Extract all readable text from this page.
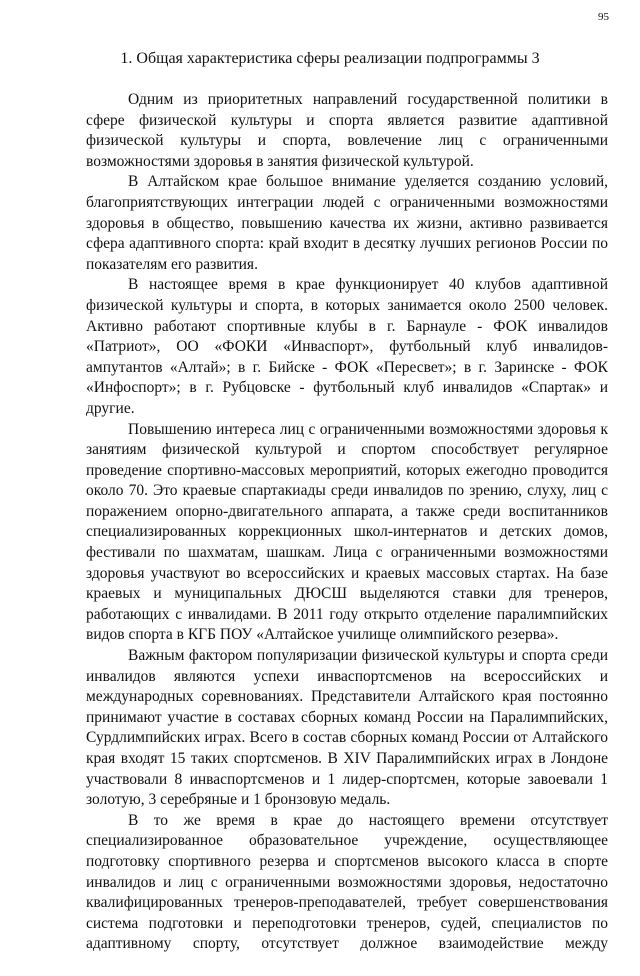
95
1. Общая характеристика сферы реализации подпрограммы 3

Одним из приоритетных направлений государственной политики в сфере физической культуры и спорта является развитие адаптивной физической культуры и спорта, вовлечение лиц с ограниченными возможностями здоровья в занятия физической культурой.

В Алтайском крае большое внимание уделяется созданию условий, благоприятствующих интеграции людей с ограниченными возможностями здоровья в общество, повышению качества их жизни, активно развивается сфера адаптивного спорта: край входит в десятку лучших регионов России по показателям его развития.

В настоящее время в крае функционирует 40 клубов адаптивной физической культуры и спорта, в которых занимается около 2500 человек. Активно работают спортивные клубы в г. Барнауле - ФОК инвалидов «Патриот», ОО «ФОКИ «Инваспорт», футбольный клуб инвалидов-ампутантов «Алтай»; в г. Бийске - ФОК «Пересвет»; в г. Заринске - ФОК «Инфоспорт»; в г. Рубцовске - футбольный клуб инвалидов «Спартак» и другие.

Повышению интереса лиц с ограниченными возможностями здоровья к занятиям физической культурой и спортом способствует регулярное проведение спортивно-массовых мероприятий, которых ежегодно проводится около 70. Это краевые спартакиады среди инвалидов по зрению, слуху, лиц с поражением опорно-двигательного аппарата, а также среди воспитанников специализированных коррекционных школ-интернатов и детских домов, фестивали по шахматам, шашкам. Лица с ограниченными возможностями здоровья участвуют во всероссийских и краевых массовых стартах. На базе краевых и муниципальных ДЮСШ выделяются ставки для тренеров, работающих с инвалидами. В 2011 году открыто отделение паралимпийских видов спорта в КГБ ПОУ «Алтайское училище олимпийского резерва».

Важным фактором популяризации физической культуры и спорта среди инвалидов являются успехи инваспортсменов на всероссийских и международных соревнованиях. Представители Алтайского края постоянно принимают участие в составах сборных команд России на Паралимпийских, Сурдлимпийских играх. Всего в состав сборных команд России от Алтайского края входят 15 таких спортсменов. В XIV Паралимпийских играх в Лондоне участвовали 8 инваспортсменов и 1 лидер-спортсмен, которые завоевали 1 золотую, 3 серебряные и 1 бронзовую медаль.

В то же время в крае до настоящего времени отсутствует специализированное образовательное учреждение, осуществляющее подготовку спортивного резерва и спортсменов высокого класса в спорте инвалидов и лиц с ограниченными возможностями здоровья, недостаточно квалифицированных тренеров-преподавателей, требует совершенствования система подготовки и переподготовки тренеров, судей, специалистов по адаптивному спорту, отсутствует должное взаимодействие между
